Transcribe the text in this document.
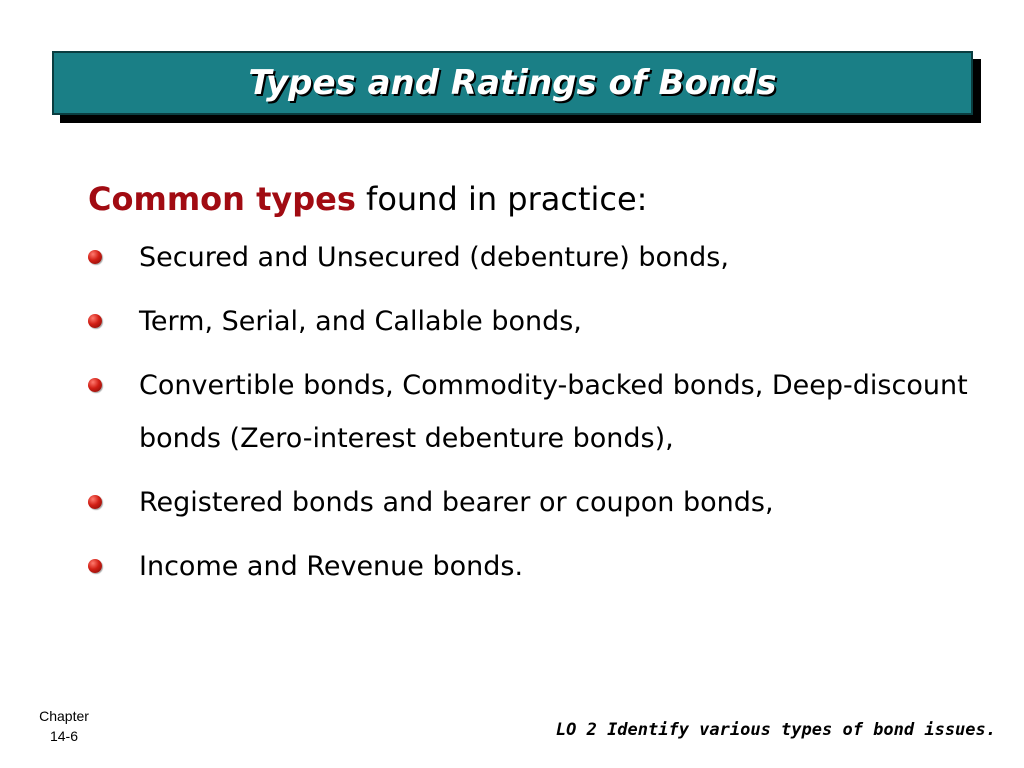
Types and Ratings of Bonds
Common types found in practice:
Secured and Unsecured (debenture) bonds,
Term, Serial, and Callable bonds,
Convertible bonds, Commodity-backed bonds, Deep-discount bonds (Zero-interest debenture bonds),
Registered bonds and bearer or coupon bonds,
Income and Revenue bonds.
Chapter
14-6	LO 2 Identify various types of bond issues.
